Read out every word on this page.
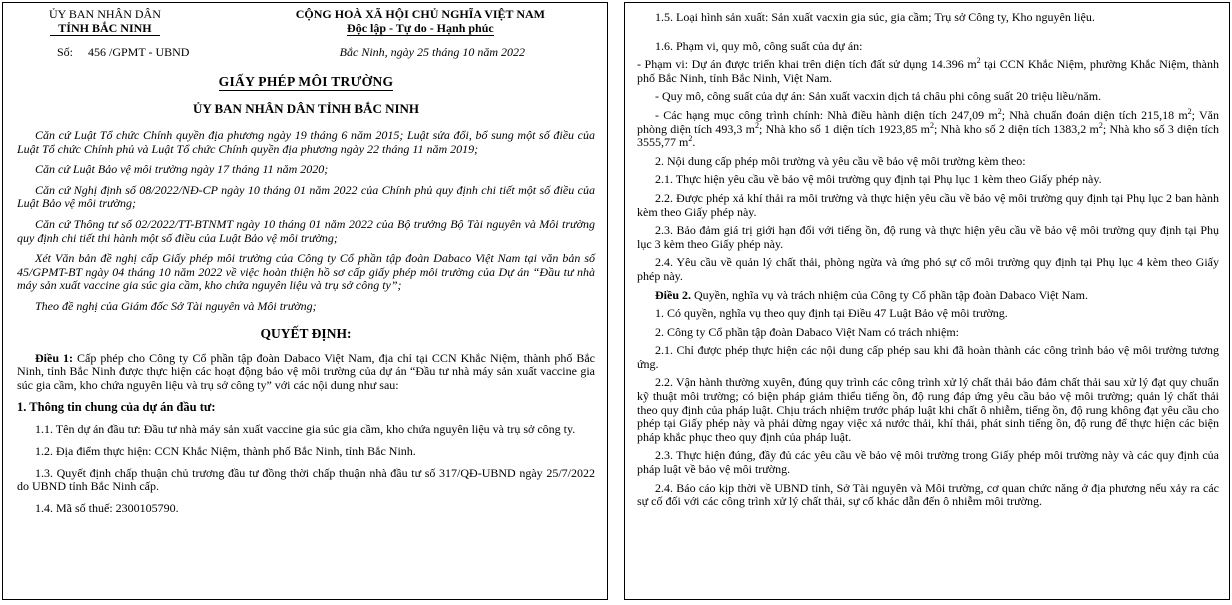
ỦY BAN NHÂN DÂN
TỈNH BẮC NINH
CỘNG HOÀ XÃ HỘI CHỦ NGHĨA VIỆT NAM
Độc lập - Tự do - Hạnh phúc
Số:     456 /GPMT - UBND	Bắc Ninh, ngày 25 tháng 10 năm 2022
GIẤY PHÉP MÔI TRƯỜNG
ỦY BAN NHÂN DÂN TỈNH BẮC NINH

Căn cứ Luật Tổ chức Chính quyền địa phương ngày 19 tháng 6 năm 2015; Luật sửa đổi, bổ sung một số điều của Luật Tổ chức Chính phủ và Luật Tổ chức Chính quyền địa phương ngày 22 tháng 11 năm 2019;

Căn cứ Luật Bảo vệ môi trường ngày 17 tháng 11 năm 2020;

Căn cứ Nghị định số 08/2022/NĐ-CP ngày 10 tháng 01 năm 2022 của Chính phủ quy định chi tiết một số điều của Luật Bảo vệ môi trường;

Căn cứ Thông tư số 02/2022/TT-BTNMT ngày 10 tháng 01 năm 2022 của Bộ trưởng Bộ Tài nguyên và Môi trường quy định chi tiết thi hành một số điều của Luật Bảo vệ môi trường;

Xét Văn bản đề nghị cấp Giấy phép môi trường của Công ty Cổ phần tập đoàn Dabaco Việt Nam tại văn bản số 45/GPMT-BT ngày 04 tháng 10 năm 2022 về việc hoàn thiện hồ sơ cấp giấy phép môi trường của Dự án “Đầu tư nhà máy sản xuất vaccine gia súc gia cầm, kho chứa nguyên liệu và trụ sở công ty”;

Theo đề nghị của Giám đốc Sở Tài nguyên và Môi trường;

QUYẾT ĐỊNH:

Điều 1: Cấp phép cho Công ty Cổ phần tập đoàn Dabaco Việt Nam, địa chỉ tại CCN Khắc Niệm, thành phố Bắc Ninh, tỉnh Bắc Ninh được thực hiện các hoạt động bảo vệ môi trường của dự án “Đầu tư nhà máy sản xuất vaccine gia súc gia cầm, kho chứa nguyên liệu và trụ sở công ty” với các nội dung như sau:

1. Thông tin chung của dự án đầu tư:

1.1. Tên dự án đầu tư: Đầu tư nhà máy sản xuất vaccine gia súc gia cầm, kho chứa nguyên liệu và trụ sở công ty.

1.2. Địa điểm thực hiện: CCN Khắc Niệm, thành phố Bắc Ninh, tỉnh Bắc Ninh.

1.3. Quyết định chấp thuận chủ trương đầu tư đồng thời chấp thuận nhà đầu tư số 317/QĐ-UBND ngày 25/7/2022 do UBND tỉnh Bắc Ninh cấp.

1.4. Mã số thuế: 2300105790.

1.5. Loại hình sản xuất: Sản xuất vacxin gia súc, gia cầm; Trụ sở Công ty, Kho nguyên liệu.

1.6. Phạm vi, quy mô, công suất của dự án:

- Phạm vi: Dự án được triển khai trên diện tích đất sử dụng 14.396 $m^2$ tại CCN Khắc Niệm, phường Khắc Niệm, thành phố Bắc Ninh, tỉnh Bắc Ninh, Việt Nam.

- Quy mô, công suất của dự án: Sản xuất vacxin dịch tả châu phi công suất 20 triệu liều/năm.

- Các hạng mục công trình chính: Nhà điều hành diện tích 247,09 $m^2$; Nhà chuẩn đoán diện tích 215,18 $m^2$; Văn phòng diện tích 493,3 $m^2$; Nhà kho số 1 diện tích 1923,85 $m^2$; Nhà kho số 2 diện tích 1383,2 $m^2$; Nhà kho số 3 diện tích 3555,77 $m^2$.

2. Nội dung cấp phép môi trường và yêu cầu về bảo vệ môi trường kèm theo:

2.1. Thực hiện yêu cầu về bảo vệ môi trường quy định tại Phụ lục 1 kèm theo Giấy phép này.

2.2. Được phép xả khí thải ra môi trường và thực hiện yêu cầu về bảo vệ môi trường quy định tại Phụ lục 2 ban hành kèm theo Giấy phép này.

2.3. Bảo đảm giá trị giới hạn đối với tiếng ồn, độ rung và thực hiện yêu cầu về bảo vệ môi trường quy định tại Phụ lục 3 kèm theo Giấy phép này.

2.4. Yêu cầu về quản lý chất thải, phòng ngừa và ứng phó sự cố môi trường quy định tại Phụ lục 4 kèm theo Giấy phép này.

Điều 2. Quyền, nghĩa vụ và trách nhiệm của Công ty Cổ phần tập đoàn Dabaco Việt Nam.

1. Có quyền, nghĩa vụ theo quy định tại Điều 47 Luật Bảo vệ môi trường.

2. Công ty Cổ phần tập đoàn Dabaco Việt Nam có trách nhiệm:

2.1. Chỉ được phép thực hiện các nội dung cấp phép sau khi đã hoàn thành các công trình bảo vệ môi trường tương ứng.

2.2. Vận hành thường xuyên, đúng quy trình các công trình xử lý chất thải bảo đảm chất thải sau xử lý đạt quy chuẩn kỹ thuật môi trường; có biện pháp giảm thiểu tiếng ồn, độ rung đáp ứng yêu cầu bảo vệ môi trường; quản lý chất thải theo quy định của pháp luật. Chịu trách nhiệm trước pháp luật khi chất ô nhiễm, tiếng ồn, độ rung không đạt yêu cầu cho phép tại Giấy phép này và phải dừng ngay việc xả nước thải, khí thải, phát sinh tiếng ồn, độ rung để thực hiện các biện pháp khắc phục theo quy định của pháp luật.

2.3. Thực hiện đúng, đầy đủ các yêu cầu về bảo vệ môi trường trong Giấy phép môi trường này và các quy định của pháp luật về bảo vệ môi trường.

2.4. Báo cáo kịp thời về UBND tỉnh, Sở Tài nguyên và Môi trường, cơ quan chức năng ở địa phương nếu xảy ra các sự cố đối với các công trình xử lý chất thải, sự cố khác dẫn đến ô nhiễm môi trường.
